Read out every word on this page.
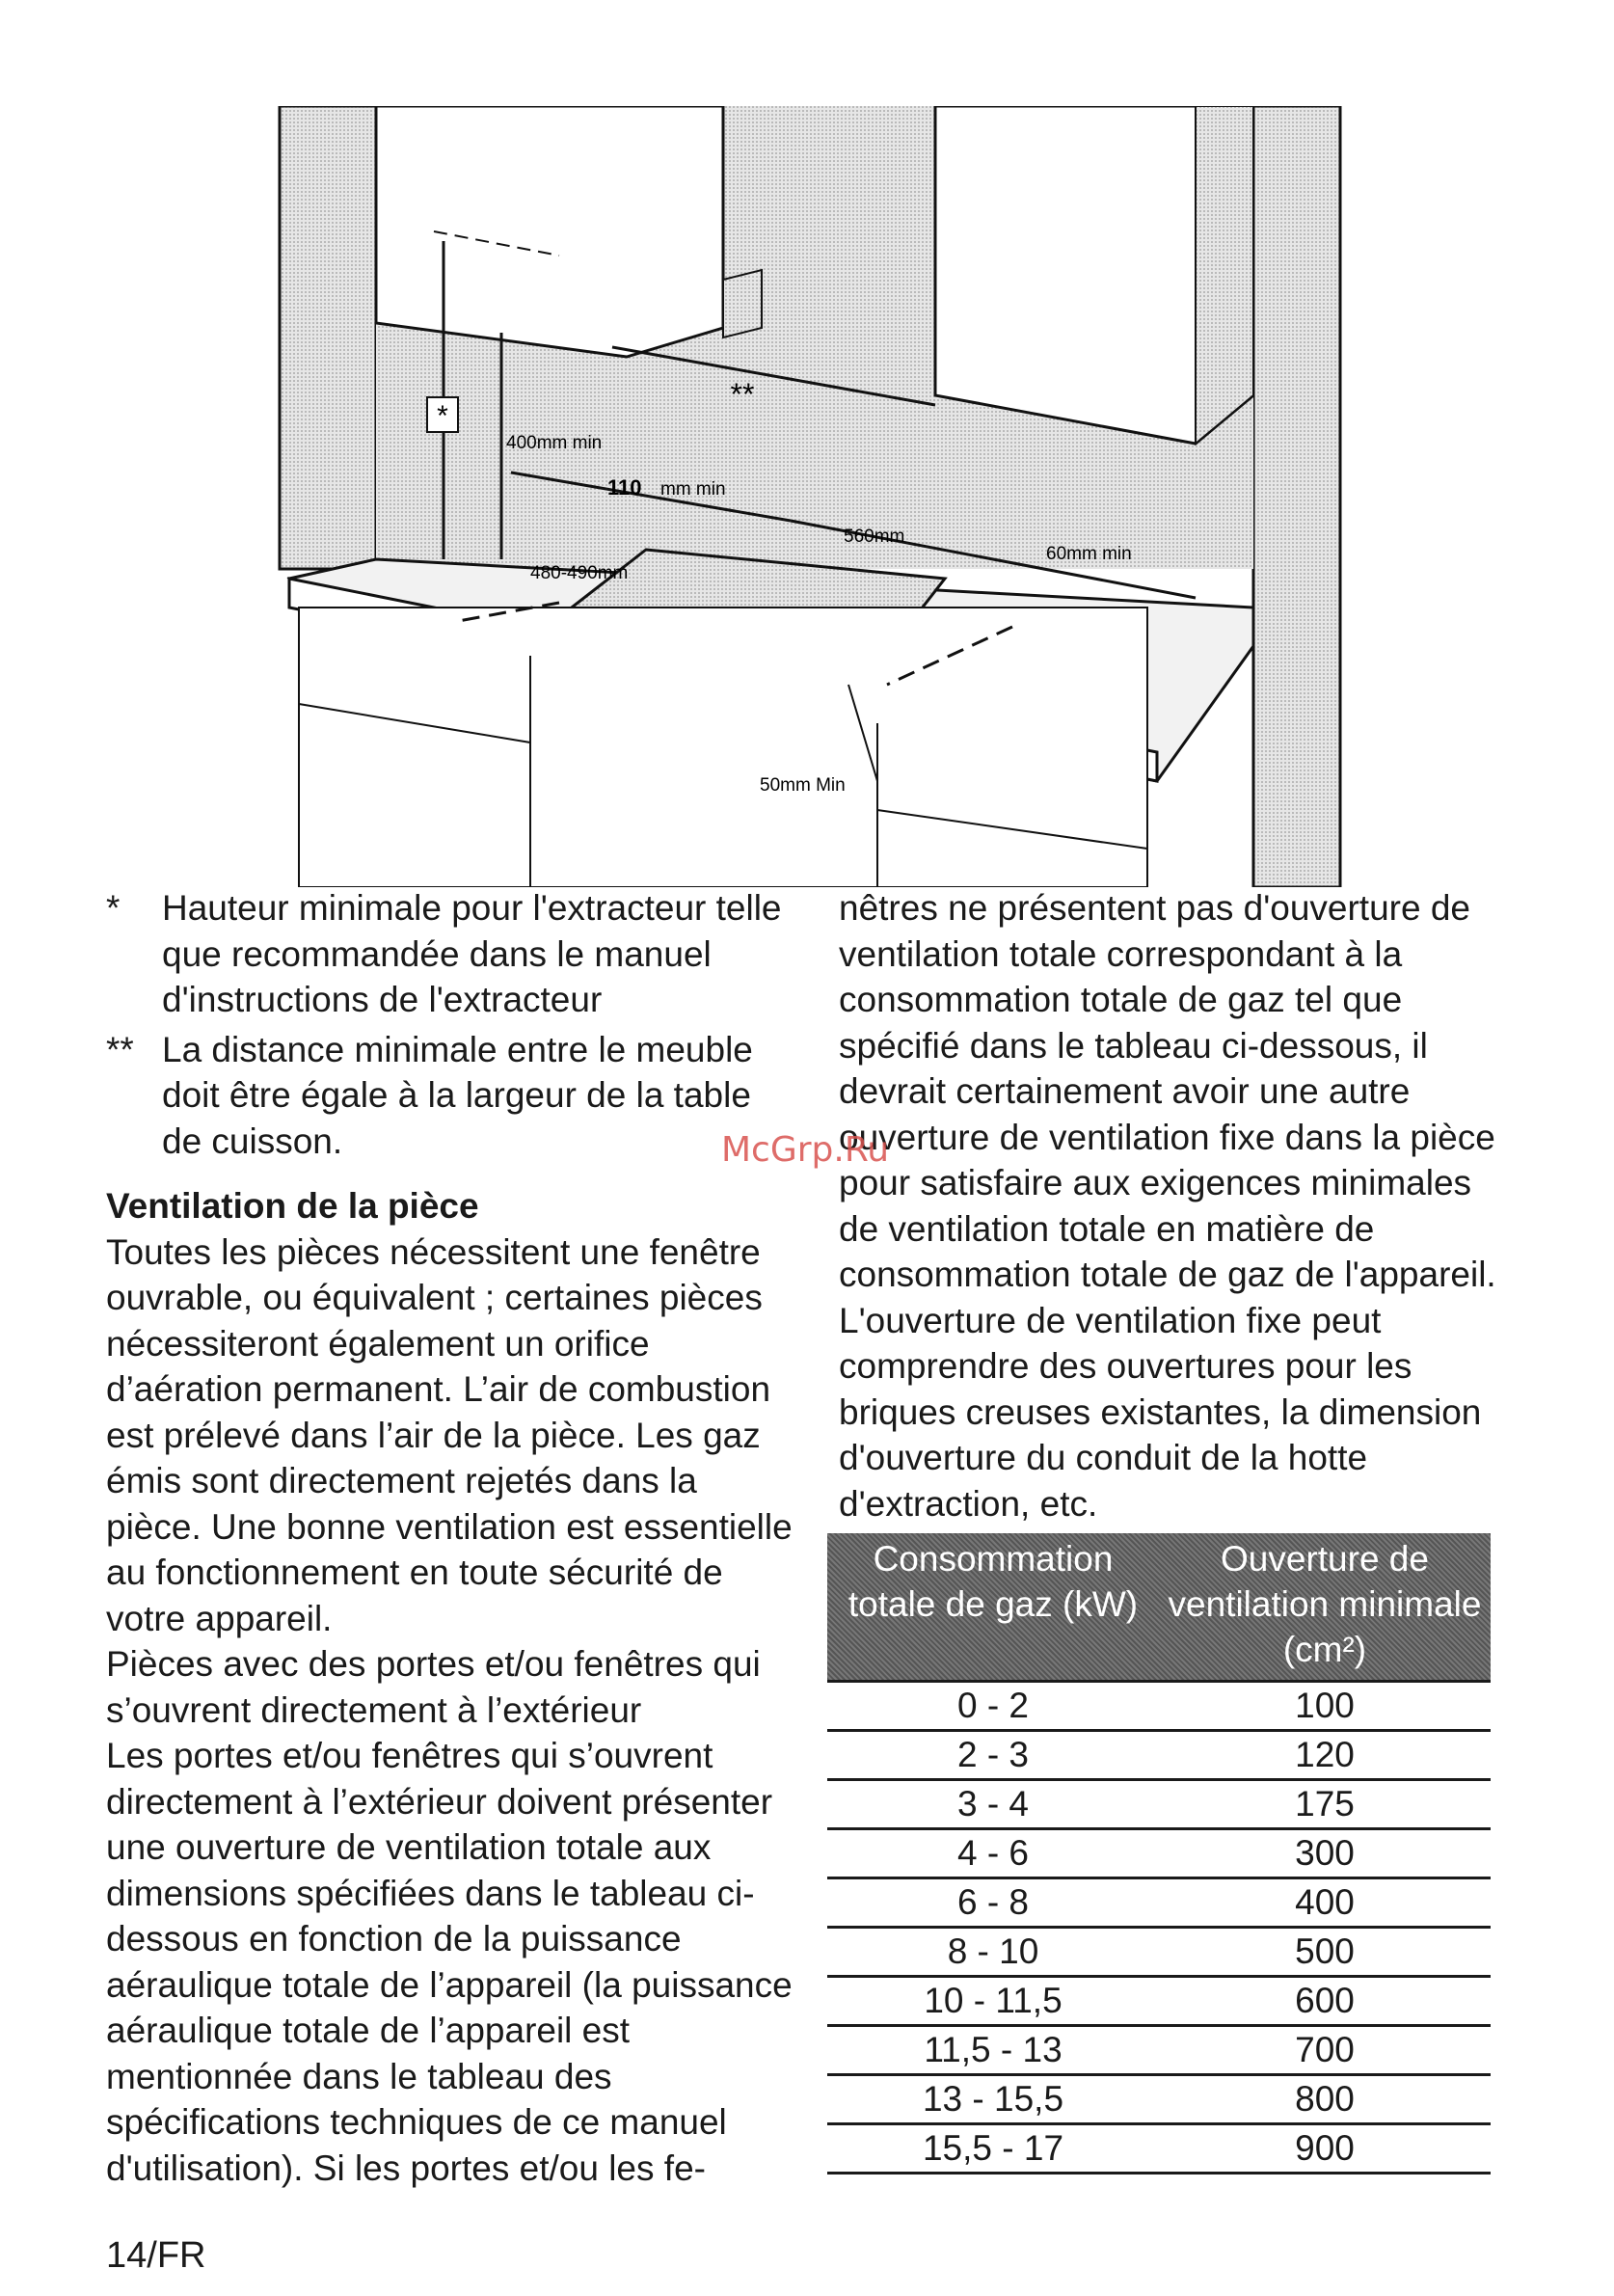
*
**
400mm min
110 mm min
560mm
480-490mm
60mm min
50mm Min
* Hauteur minimale pour l'extracteur telle que recommandée dans le manuel d'instructions de l'extracteur
** La distance minimale entre le meuble doit être égale à la largeur de la table de cuisson.

Ventilation de la pièce

Toutes les pièces nécessitent une fenêtre ouvrable, ou équivalent ; certaines pièces nécessiteront également un orifice d’aération permanent. L’air de combustion est prélevé dans l’air de la pièce. Les gaz émis sont directement rejetés dans la pièce. Une bonne ventilation est essentielle au fonctionnement en toute sécurité de votre appareil.

Pièces avec des portes et/ou fenêtres qui s’ouvrent directement à l’extérieur

Les portes et/ou fenêtres qui s’ouvrent directement à l’extérieur doivent présenter une ouverture de ventilation totale aux dimensions spécifiées dans le tableau ci-dessous en fonction de la puissance aéraulique totale de l’appareil (la puissance aéraulique totale de l’appareil est mentionnée dans le tableau des spécifications techniques de ce manuel d'utilisation). Si les portes et/ou les fe-

nêtres ne présentent pas d'ouverture de ventilation totale correspondant à la consommation totale de gaz tel que spécifié dans le tableau ci-dessous, il devrait certainement avoir une autre ouverture de ventilation fixe dans la pièce pour satisfaire aux exigences minimales de ventilation totale en matière de consommation totale de gaz de l'appareil. L'ouverture de ventilation fixe peut comprendre des ouvertures pour les briques creuses existantes, la dimension d'ouverture du conduit de la hotte d'extraction, etc.

Consommation totale de gaz (kW)
Ouverture de ventilation minimale (cm²)
0 - 2	100
2 - 3	120
3 - 4	175
4 - 6	300
6 - 8	400
8 - 10	500
10 - 11,5	600
11,5 - 13	700
13 - 15,5	800
15,5 - 17	900
McGrp.Ru
14/FR
